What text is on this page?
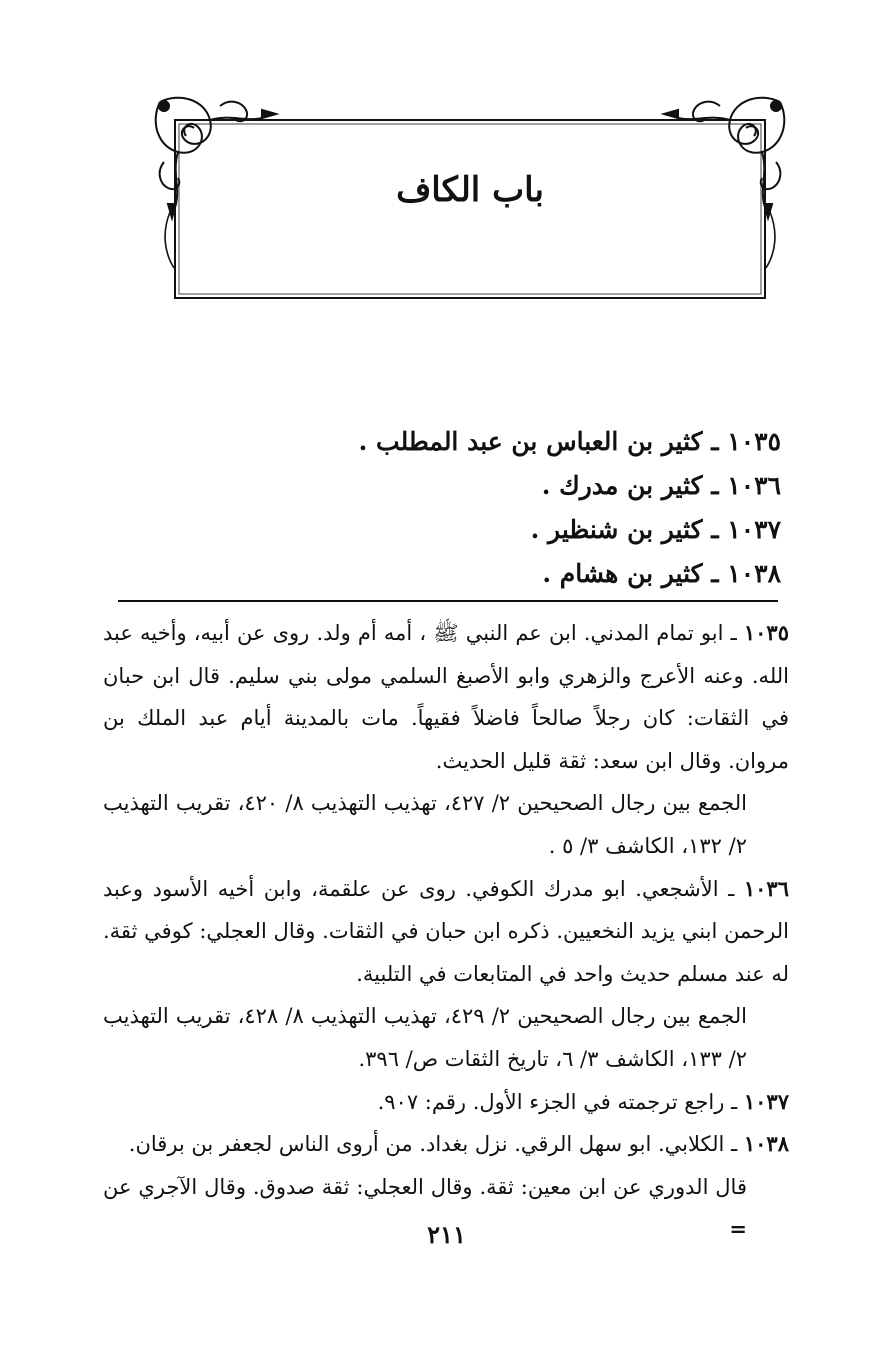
باب الكاف
١٠٣٥ ـ كثير بن العباس بن عبد المطلب .
١٠٣٦ ـ كثير بن مدرك .
١٠٣٧ ـ كثير بن شنظير .
١٠٣٨ ـ كثير بن هشام .

١٠٣٥ ـ ابو تمام المدني. ابن عم النبي ﷺ ، أمه أم ولد. روى عن أبيه، وأخيه عبد الله. وعنه الأعرج والزهري وابو الأصبغ السلمي مولى بني سليم. قال ابن حبان في الثقات: كان رجلاً صالحاً فاضلاً فقيهاً. مات بالمدينة أيام عبد الملك بن مروان. وقال ابن سعد: ثقة قليل الحديث.

الجمع بين رجال الصحيحين ٢/ ٤٢٧، تهذيب التهذيب ٨/ ٤٢٠، تقريب التهذيب ٢/ ١٣٢، الكاشف ٣/ ٥ .

١٠٣٦ ـ الأشجعي. ابو مدرك الكوفي. روى عن علقمة، وابن أخيه الأسود وعبد الرحمن ابني يزيد النخعيين. ذكره ابن حبان في الثقات. وقال العجلي: كوفي ثقة. له عند مسلم حديث واحد في المتابعات في التلبية.

الجمع بين رجال الصحيحين ٢/ ٤٢٩، تهذيب التهذيب ٨/ ٤٢٨، تقريب التهذيب ٢/ ١٣٣، الكاشف ٣/ ٦، تاريخ الثقات ص/ ٣٩٦.

١٠٣٧ ـ راجع ترجمته في الجزء الأول. رقم: ٩٠٧.

١٠٣٨ ـ الكلابي. ابو سهل الرقي. نزل بغداد. من أروى الناس لجعفر بن برقان.

قال الدوري عن ابن معين: ثقة. وقال العجلي: ثقة صدوق. وقال الآجري عن =

٢١١
